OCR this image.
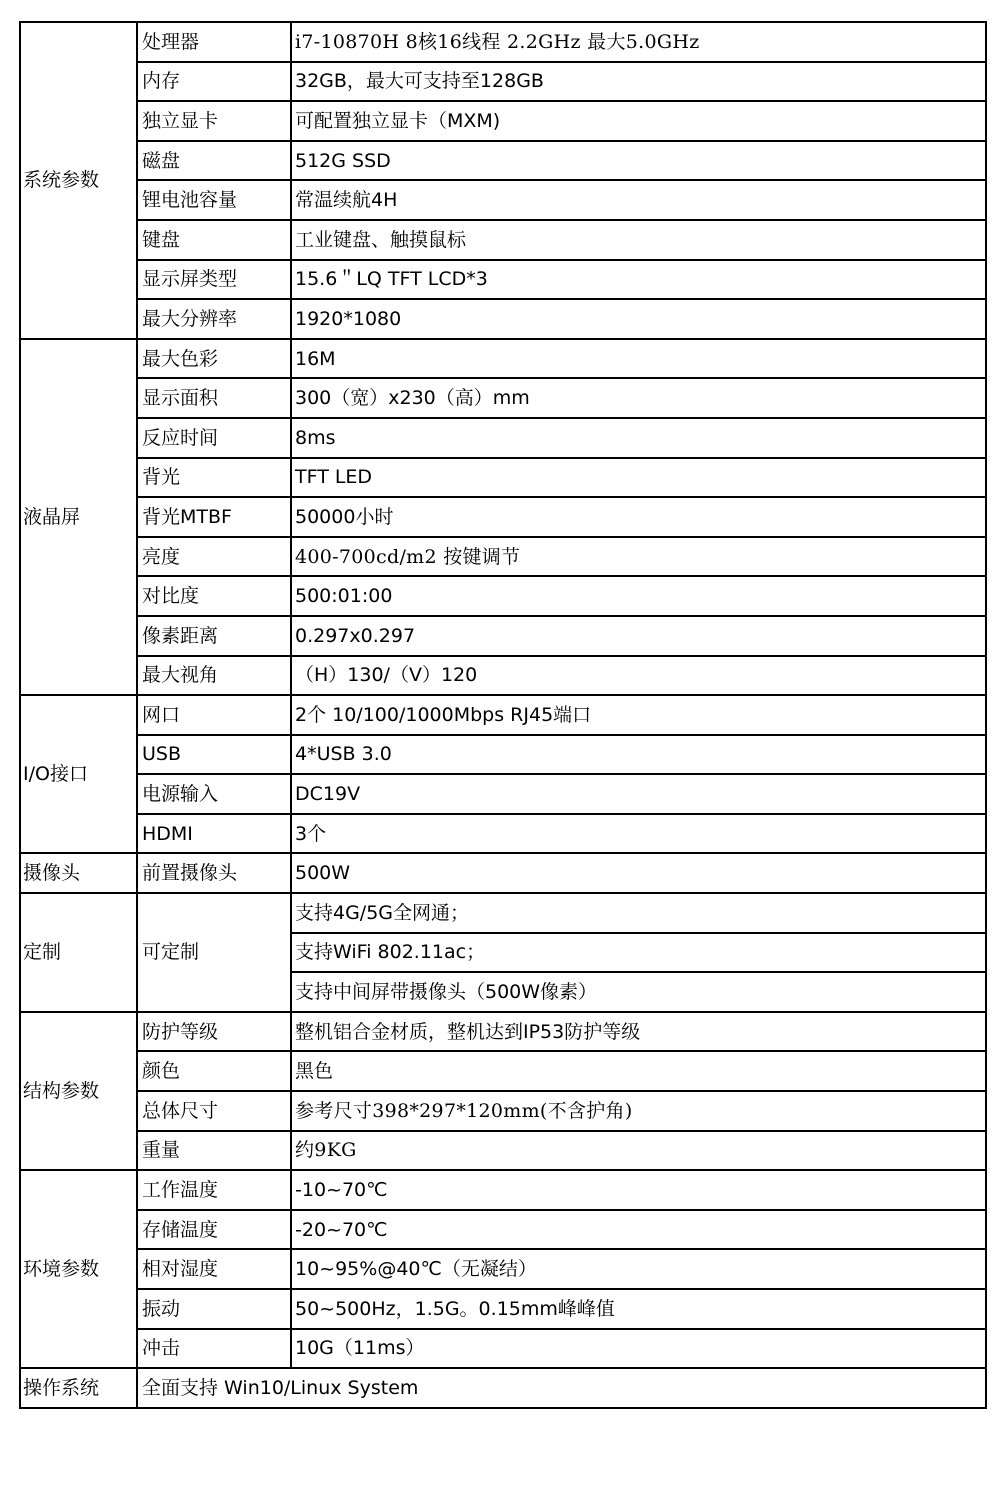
系统参数	处理器	i7-10870H 8核16线程 2.2GHz 最大5.0GHz
	内存	32GB，最大可支持至128GB
	独立显卡	可配置独立显卡（MXM)
	磁盘	512G SSD
	锂电池容量	常温续航4H
	键盘	工业键盘、触摸鼠标
	显示屏类型	15.6＂LQ TFT LCD*3
	最大分辨率	1920*1080
液晶屏	最大色彩	16M
	显示面积	300（宽）x230（高）mm
	反应时间	8ms
	背光	TFT LED
	背光MTBF	50000小时
	亮度	400-700cd/m2 按键调节
	对比度	500:01:00
	像素距离	0.297x0.297
	最大视角	（H）130/（V）120
I/O接口	网口	2个 10/100/1000Mbps RJ45端口
	USB	4*USB 3.0
	电源输入	DC19V
	HDMI	3个
摄像头	前置摄像头	500W
定制	可定制	支持4G/5G全网通；
		支持WiFi 802.11ac；
		支持中间屏带摄像头（500W像素）
结构参数	防护等级	整机铝合金材质，整机达到IP53防护等级
	颜色	黑色
	总体尺寸	参考尺寸398*297*120mm(不含护角)
	重量	约9KG
环境参数	工作温度	-10~70℃
	存储温度	-20~70℃
	相对湿度	10~95%@40℃（无凝结）
	振动	50~500Hz，1.5G。0.15mm峰峰值
	冲击	10G（11ms）
操作系统	全面支持 Win10/Linux System	
